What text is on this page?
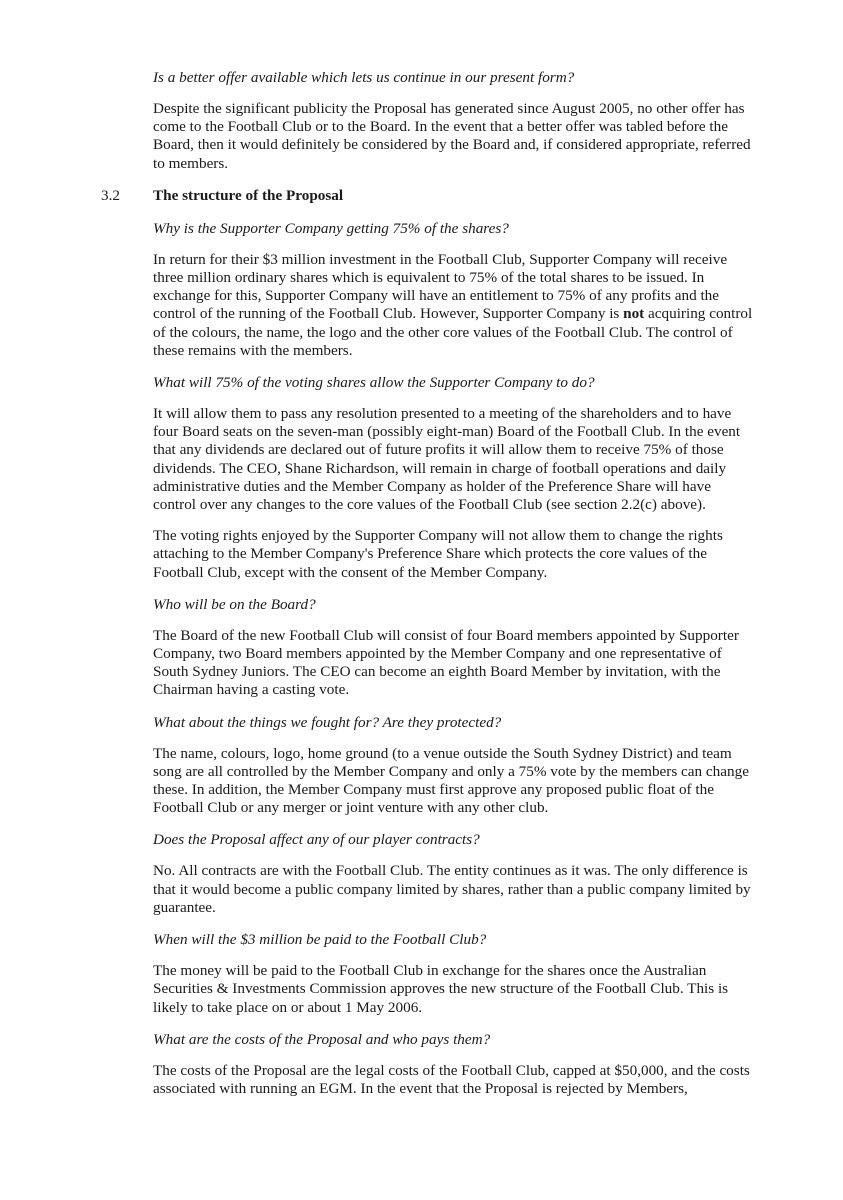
Is a better offer available which lets us continue in our present form?

Despite the significant publicity the Proposal has generated since August 2005, no other offer has come to the Football Club or to the Board. In the event that a better offer was tabled before the Board, then it would definitely be considered by the Board and, if considered appropriate, referred to members.

3.2 The structure of the Proposal

Why is the Supporter Company getting 75% of the shares?

In return for their $3 million investment in the Football Club, Supporter Company will receive three million ordinary shares which is equivalent to 75% of the total shares to be issued. In exchange for this, Supporter Company will have an entitlement to 75% of any profits and the control of the running of the Football Club. However, Supporter Company is not acquiring control of the colours, the name, the logo and the other core values of the Football Club. The control of these remains with the members.

What will 75% of the voting shares allow the Supporter Company to do?

It will allow them to pass any resolution presented to a meeting of the shareholders and to have four Board seats on the seven-man (possibly eight-man) Board of the Football Club. In the event that any dividends are declared out of future profits it will allow them to receive 75% of those dividends. The CEO, Shane Richardson, will remain in charge of football operations and daily administrative duties and the Member Company as holder of the Preference Share will have control over any changes to the core values of the Football Club (see section 2.2(c) above).

The voting rights enjoyed by the Supporter Company will not allow them to change the rights attaching to the Member Company's Preference Share which protects the core values of the Football Club, except with the consent of the Member Company.

Who will be on the Board?

The Board of the new Football Club will consist of four Board members appointed by Supporter Company, two Board members appointed by the Member Company and one representative of South Sydney Juniors. The CEO can become an eighth Board Member by invitation, with the Chairman having a casting vote.

What about the things we fought for? Are they protected?

The name, colours, logo, home ground (to a venue outside the South Sydney District) and team song are all controlled by the Member Company and only a 75% vote by the members can change these. In addition, the Member Company must first approve any proposed public float of the Football Club or any merger or joint venture with any other club.

Does the Proposal affect any of our player contracts?

No. All contracts are with the Football Club. The entity continues as it was. The only difference is that it would become a public company limited by shares, rather than a public company limited by guarantee.

When will the $3 million be paid to the Football Club?

The money will be paid to the Football Club in exchange for the shares once the Australian Securities & Investments Commission approves the new structure of the Football Club. This is likely to take place on or about 1 May 2006.

What are the costs of the Proposal and who pays them?

The costs of the Proposal are the legal costs of the Football Club, capped at $50,000, and the costs associated with running an EGM. In the event that the Proposal is rejected by Members,
